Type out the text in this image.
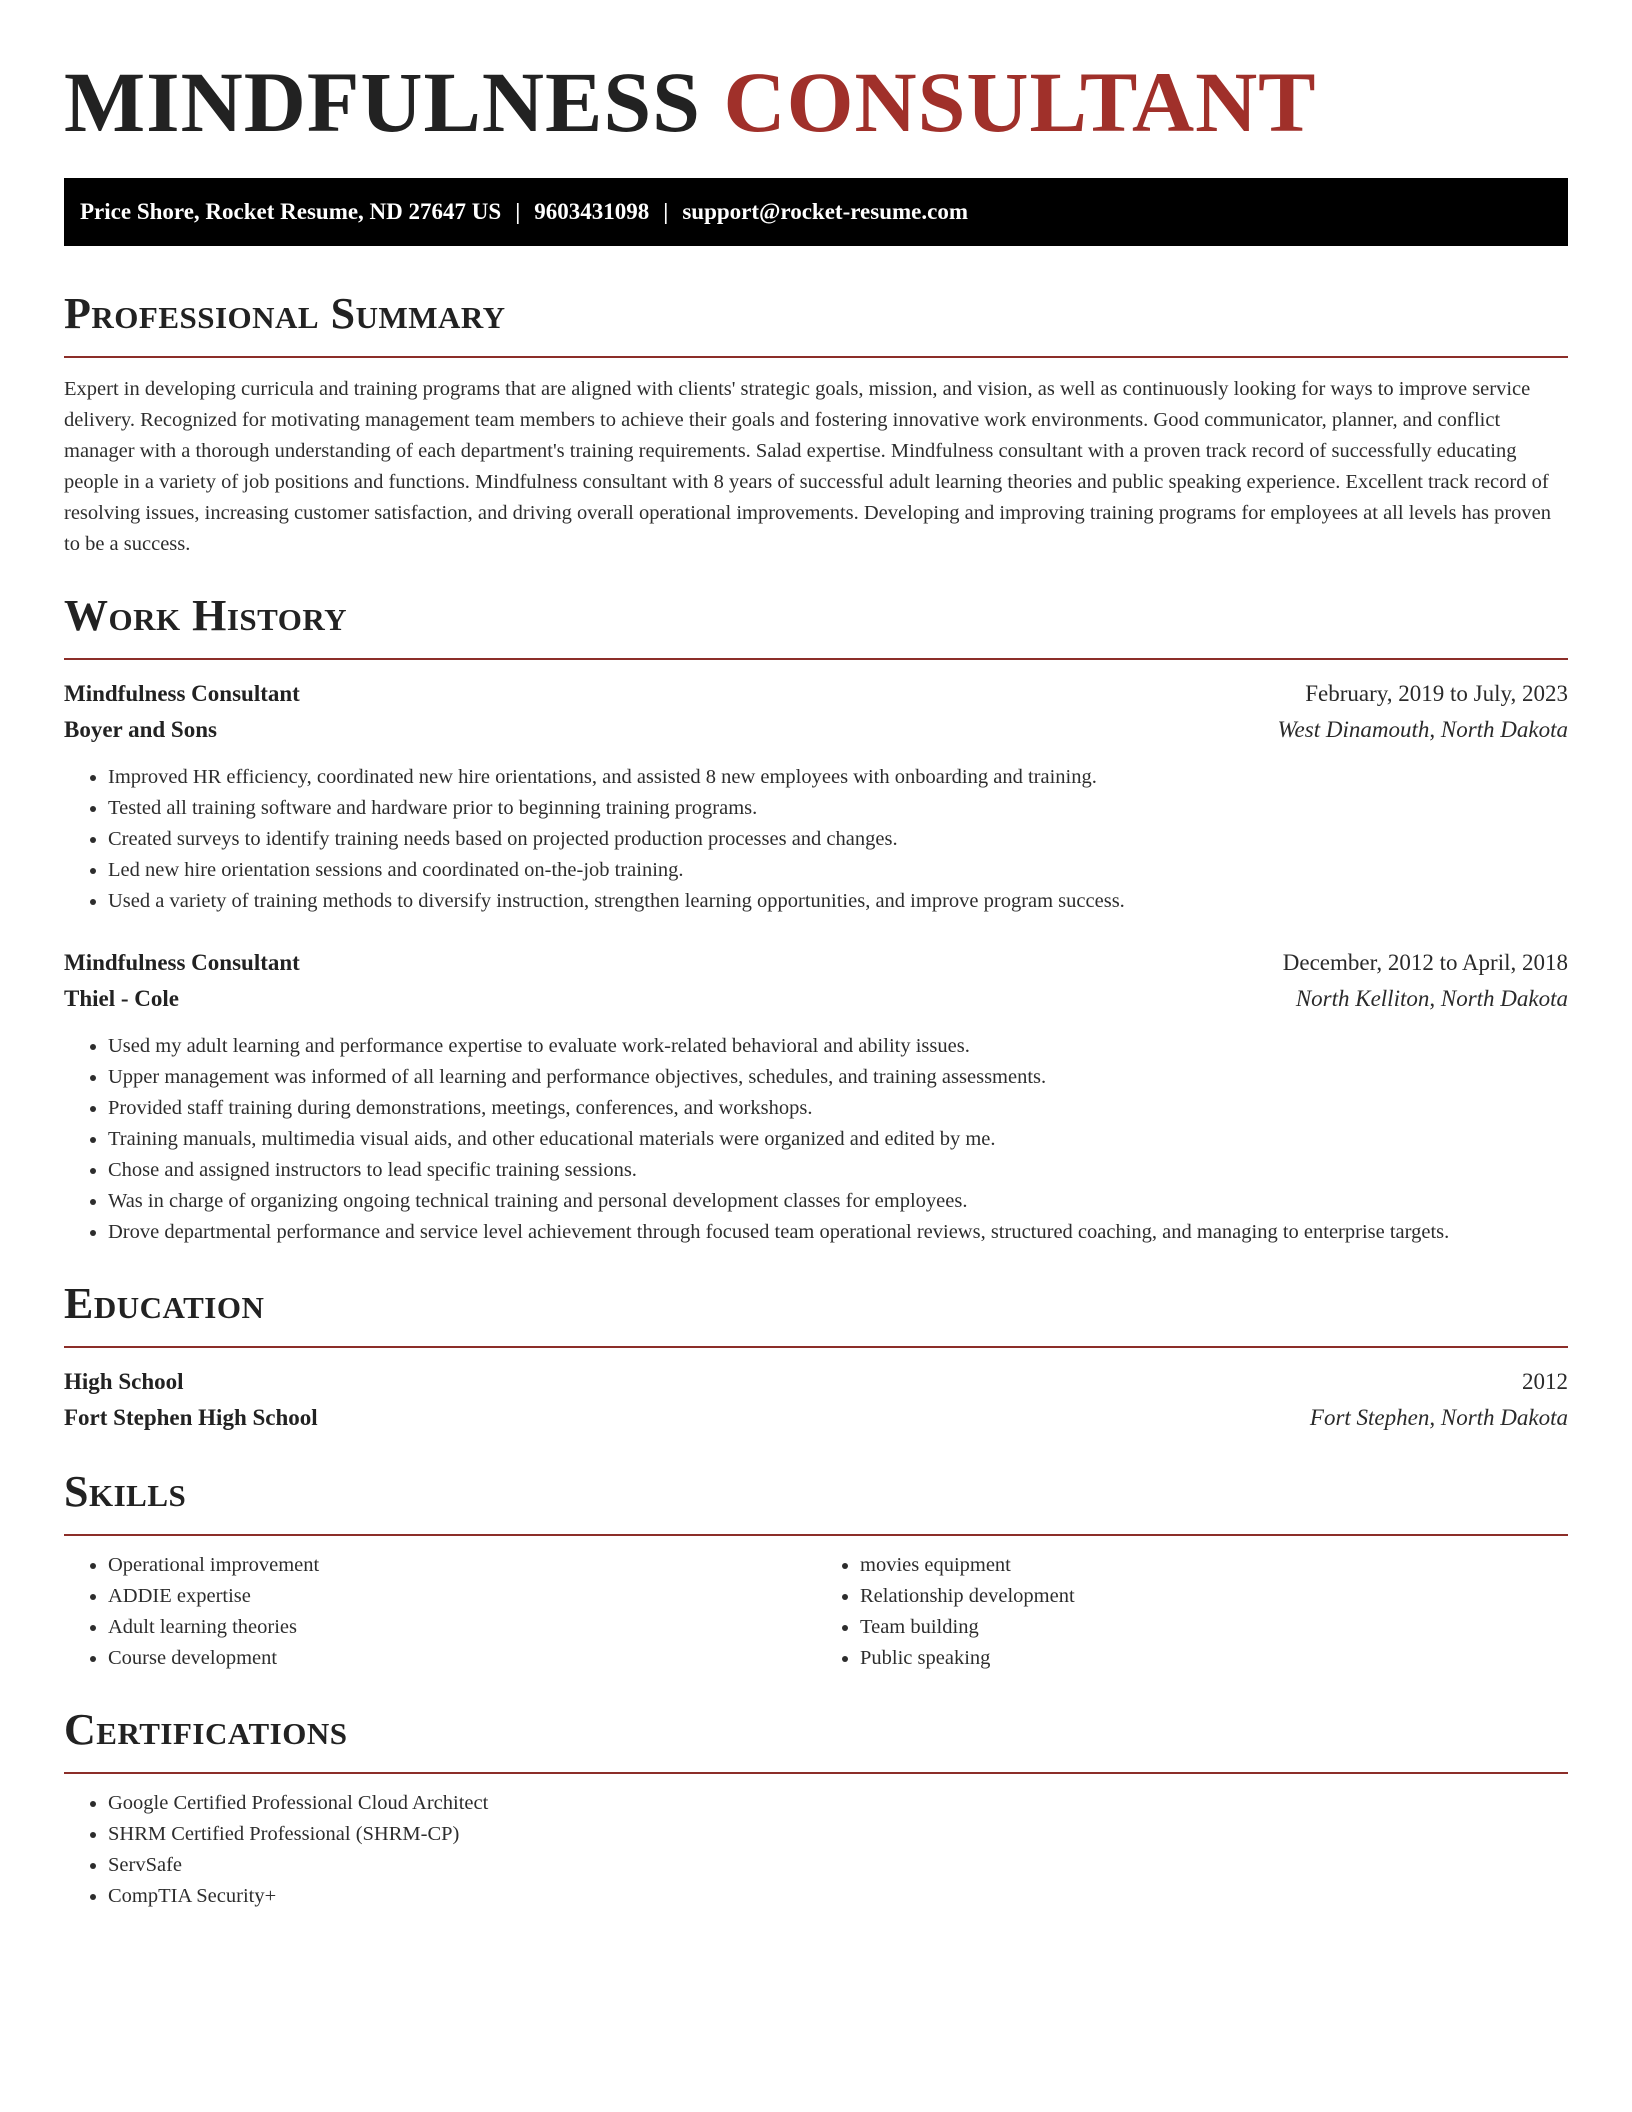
MINDFULNESS CONSULTANT
Price Shore, Rocket Resume, ND 27647 US | 9603431098 | support@rocket-resume.com
Professional Summary

Expert in developing curricula and training programs that are aligned with clients' strategic goals, mission, and vision, as well as continuously looking for ways to improve service delivery. Recognized for motivating management team members to achieve their goals and fostering innovative work environments. Good communicator, planner, and conflict manager with a thorough understanding of each department's training requirements. Salad expertise. Mindfulness consultant with a proven track record of successfully educating people in a variety of job positions and functions. Mindfulness consultant with 8 years of successful adult learning theories and public speaking experience. Excellent track record of resolving issues, increasing customer satisfaction, and driving overall operational improvements. Developing and improving training programs for employees at all levels has proven to be a success.

Work History
Mindfulness Consultant	February, 2019 to July, 2023
Boyer and Sons	West Dinamouth, North Dakota
• Improved HR efficiency, coordinated new hire orientations, and assisted 8 new employees with onboarding and training.
• Tested all training software and hardware prior to beginning training programs.
• Created surveys to identify training needs based on projected production processes and changes.
• Led new hire orientation sessions and coordinated on-the-job training.
• Used a variety of training methods to diversify instruction, strengthen learning opportunities, and improve program success.
Mindfulness Consultant	December, 2012 to April, 2018
Thiel - Cole	North Kelliton, North Dakota
• Used my adult learning and performance expertise to evaluate work-related behavioral and ability issues.
• Upper management was informed of all learning and performance objectives, schedules, and training assessments.
• Provided staff training during demonstrations, meetings, conferences, and workshops.
• Training manuals, multimedia visual aids, and other educational materials were organized and edited by me.
• Chose and assigned instructors to lead specific training sessions.
• Was in charge of organizing ongoing technical training and personal development classes for employees.
• Drove departmental performance and service level achievement through focused team operational reviews, structured coaching, and managing to enterprise targets.
Education
High School	2012
Fort Stephen High School	Fort Stephen, North Dakota
Skills
• Operational improvement
• ADDIE expertise
• Adult learning theories
• Course development
• movies equipment
• Relationship development
• Team building
• Public speaking
Certifications
• Google Certified Professional Cloud Architect
• SHRM Certified Professional (SHRM-CP)
• ServSafe
• CompTIA Security+
